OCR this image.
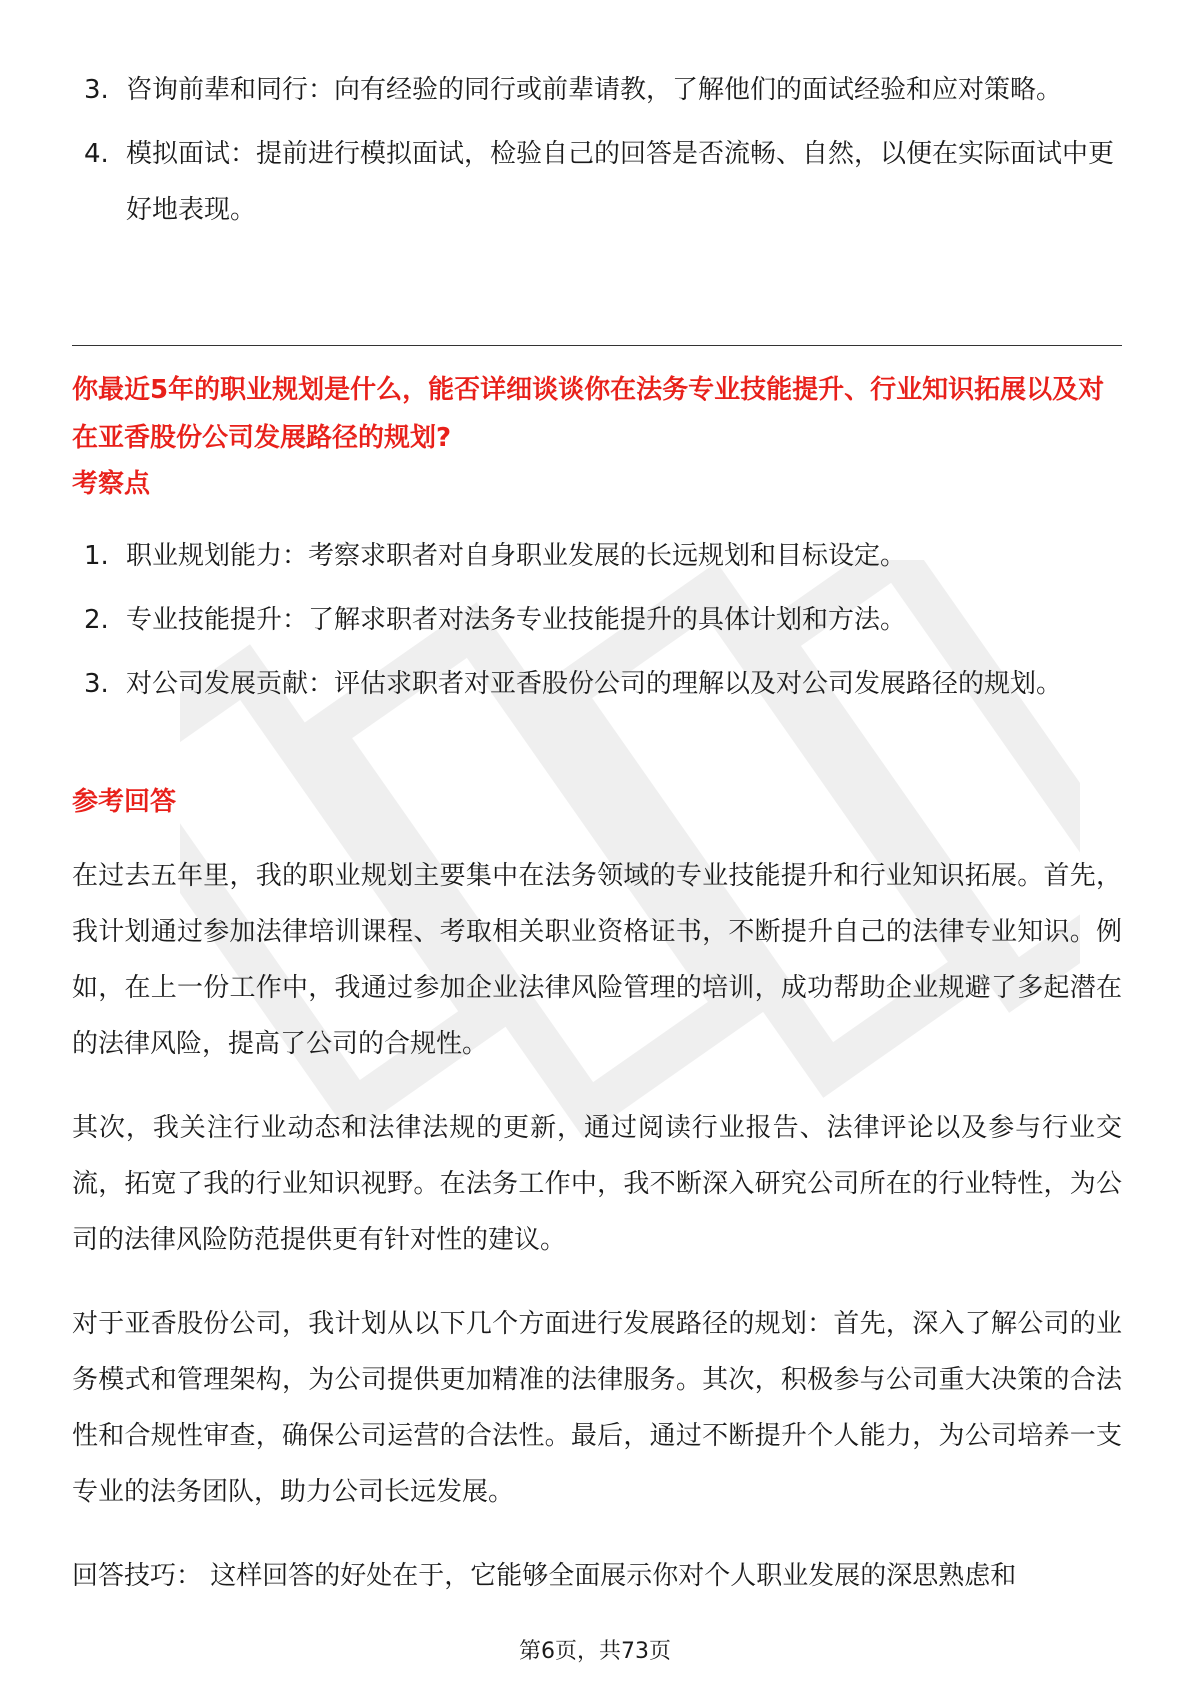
3. 咨询前辈和同行：向有经验的同行或前辈请教，了解他们的面试经验和应对策略。
4. 模拟面试：提前进行模拟面试，检验自己的回答是否流畅、自然，以便在实际面试中更好地表现。
你最近5年的职业规划是什么，能否详细谈谈你在法务专业技能提升、行业知识拓展以及对在亚香股份公司发展路径的规划?
考察点
1. 职业规划能力：考察求职者对自身职业发展的长远规划和目标设定。
2. 专业技能提升：了解求职者对法务专业技能提升的具体计划和方法。
3. 对公司发展贡献：评估求职者对亚香股份公司的理解以及对公司发展路径的规划。
参考回答

在过去五年里，我的职业规划主要集中在法务领域的专业技能提升和行业知识拓展。首先，我计划通过参加法律培训课程、考取相关职业资格证书，不断提升自己的法律专业知识。例如，在上一份工作中，我通过参加企业法律风险管理的培训，成功帮助企业规避了多起潜在的法律风险，提高了公司的合规性。

其次，我关注行业动态和法律法规的更新，通过阅读行业报告、法律评论以及参与行业交流，拓宽了我的行业知识视野。在法务工作中，我不断深入研究公司所在的行业特性，为公司的法律风险防范提供更有针对性的建议。

对于亚香股份公司，我计划从以下几个方面进行发展路径的规划：首先，深入了解公司的业务模式和管理架构，为公司提供更加精准的法律服务。其次，积极参与公司重大决策的合法性和合规性审查，确保公司运营的合法性。最后，通过不断提升个人能力，为公司培养一支专业的法务团队，助力公司长远发展。

回答技巧： 这样回答的好处在于，它能够全面展示你对个人职业发展的深思熟虑和

第6页，共73页
